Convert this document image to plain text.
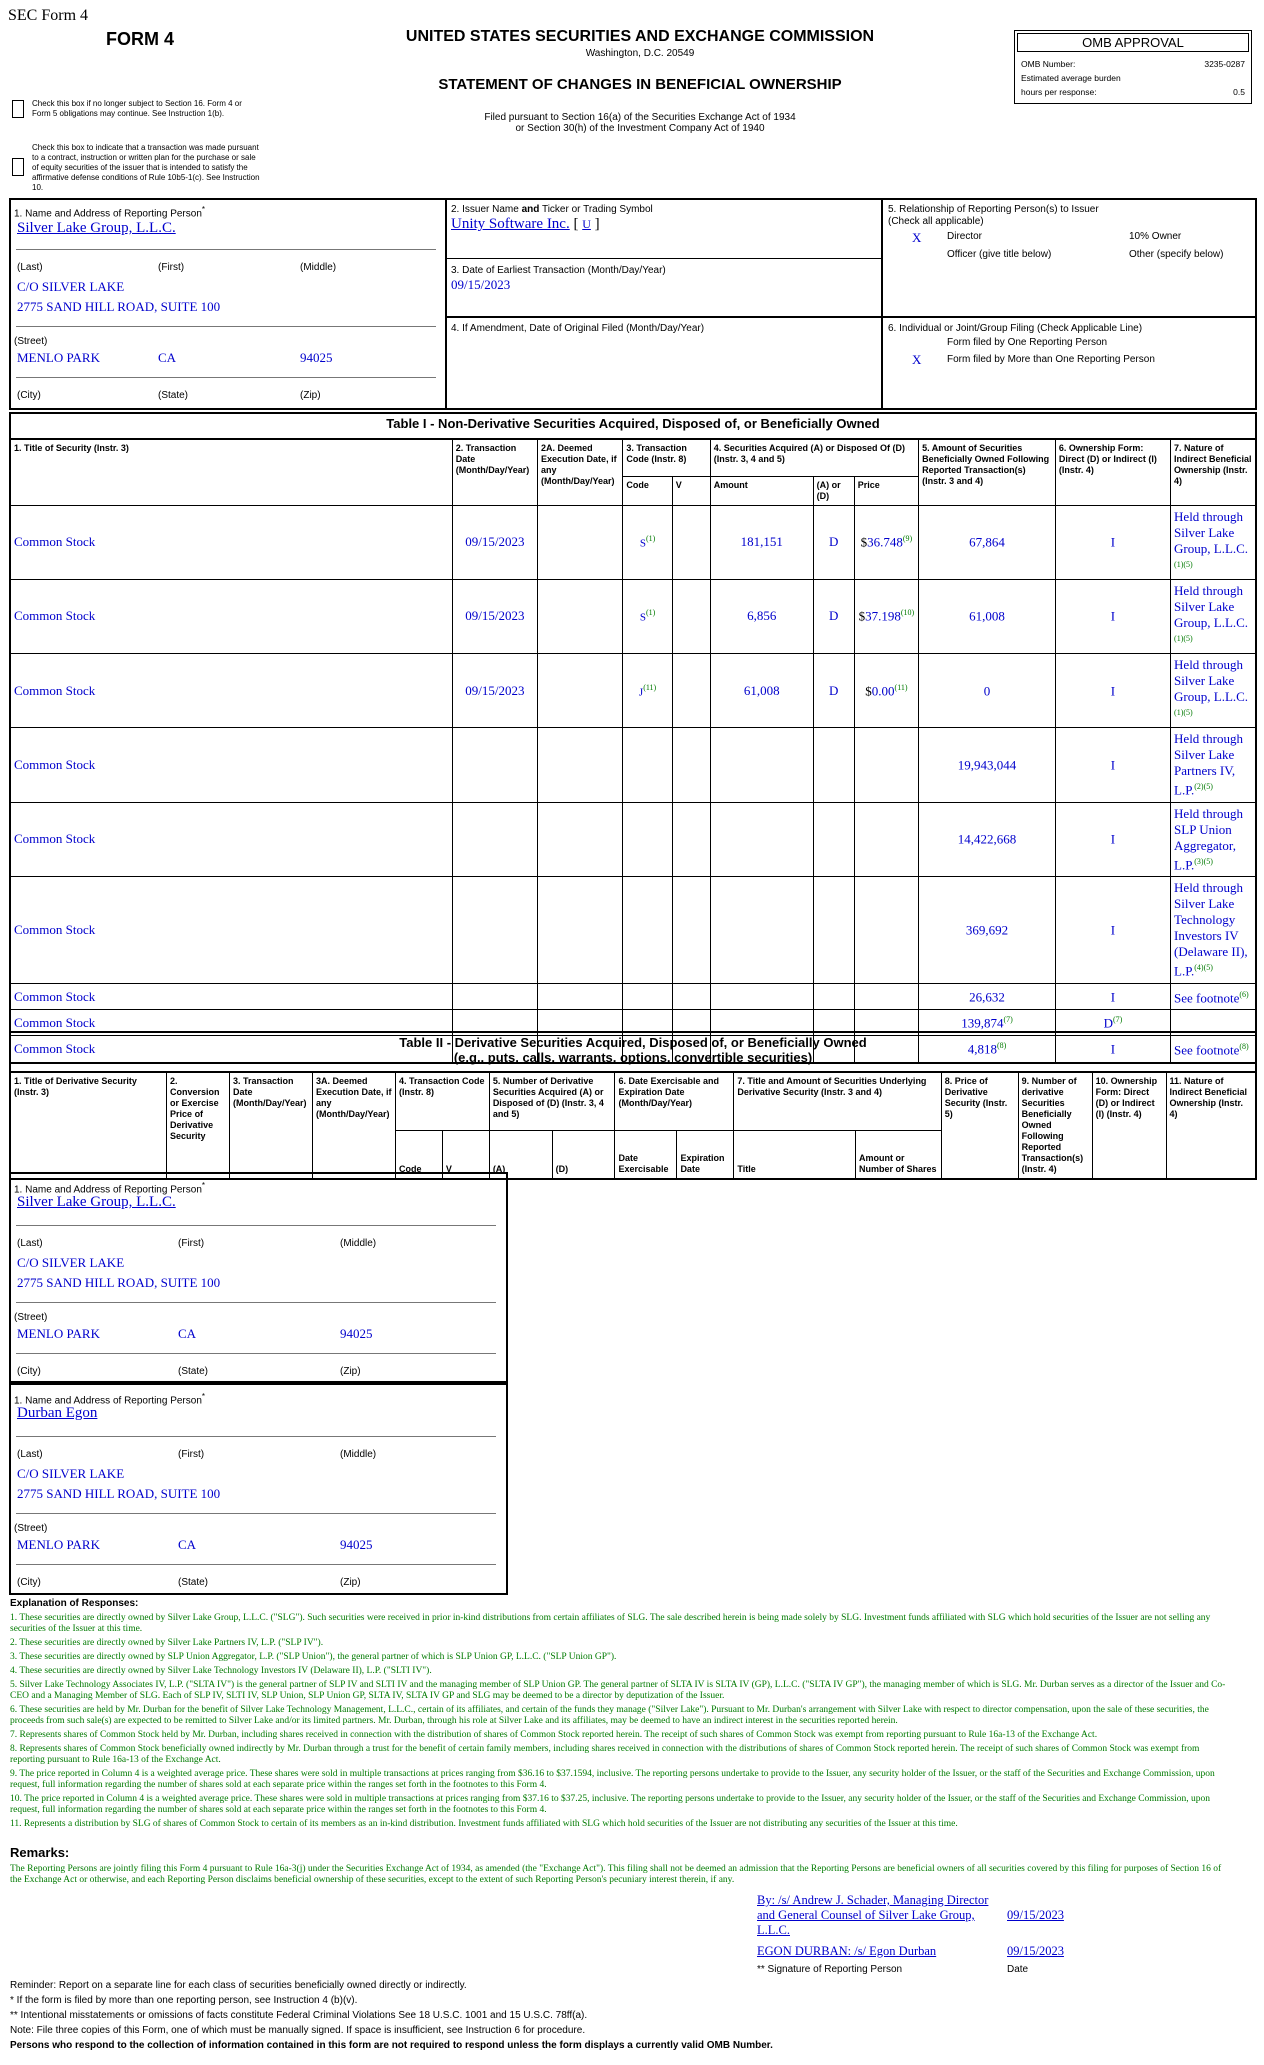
SEC Form 4
FORM 4	UNITED STATES SECURITIES AND EXCHANGE COMMISSION
Washington, D.C. 20549
STATEMENT OF CHANGES IN BENEFICIAL OWNERSHIP
Filed pursuant to Section 16(a) of the Securities Exchange Act of 1934
or Section 30(h) of the Investment Company Act of 1940
Check this box if no longer subject to Section 16. Form 4 or Form 5 obligations may continue. See Instruction 1(b).
Check this box to indicate that a transaction was made pursuant to a contract, instruction or written plan for the purchase or sale of equity securities of the issuer that is intended to satisfy the affirmative defense conditions of Rule 10b5-1(c). See Instruction 10.
OMB APPROVAL
OMB Number:	3235-0287
Estimated average burden
hours per response:	0.5
1. Name and Address of Reporting Person*
Silver Lake Group, L.L.C.
(Last)	(First)	(Middle)
C/O SILVER LAKE
2775 SAND HILL ROAD, SUITE 100
(Street)
MENLO PARK	CA	94025
(City)	(State)	(Zip)
2. Issuer Name and Ticker or Trading Symbol
Unity Software Inc. [ U ]
3. Date of Earliest Transaction (Month/Day/Year)
09/15/2023
4. If Amendment, Date of Original Filed (Month/Day/Year)
5. Relationship of Reporting Person(s) to Issuer
(Check all applicable)
X	Director	10% Owner
Officer (give title below)	Other (specify below)
6. Individual or Joint/Group Filing (Check Applicable Line)
Form filed by One Reporting Person
X	Form filed by More than One Reporting Person
Table I - Non-Derivative Securities Acquired, Disposed of, or Beneficially Owned
1. Title of Security (Instr. 3)	2. Transaction Date (Month/Day/Year)	2A. Deemed Execution Date, if any (Month/Day/Year)	3. Transaction Code (Instr. 8)		4. Securities Acquired (A) or Disposed Of (D) (Instr. 3, 4 and 5)			5. Amount of Securities Beneficially Owned Following Reported Transaction(s) (Instr. 3 and 4)	6. Ownership Form: Direct (D) or Indirect (I) (Instr. 4)	7. Nature of Indirect Beneficial Ownership (Instr. 4)
			Code	V	Amount	(A) or (D)	Price			
Common Stock	09/15/2023		$S^{(1)}$		181,151	D	$36.748$^{(9)}$	67,864	I	Held through Silver Lake Group, L.L.C.$^{(1)(5)}$
Common Stock	09/15/2023		$S^{(1)}$		6,856	D	$37.198$^{(10)}$	61,008	I	Held through Silver Lake Group, L.L.C.$^{(1)(5)}$
Common Stock	09/15/2023		$J^{(11)}$		61,008	D	$0.00$^{(11)}$	0	I	Held through Silver Lake Group, L.L.C.$^{(1)(5)}$
Common Stock								19,943,044	I	Held through Silver Lake Partners IV, L.P.$^{(2)(5)}$
Common Stock								14,422,668	I	Held through SLP Union Aggregator, L.P.$^{(3)(5)}$
Common Stock								369,692	I	Held through Silver Lake Technology Investors IV (Delaware II), L.P.$^{(4)(5)}$
Common Stock								26,632	I	See footnote$^{(6)}$
Common Stock								139,874$^{(7)}$	$D^{(7)}$	
Common Stock								4,818$^{(8)}$	I	See footnote$^{(8)}$
Table II - Derivative Securities Acquired, Disposed of, or Beneficially Owned
(e.g., puts, calls, warrants, options, convertible securities)
1. Title of Derivative Security (Instr. 3)	2. Conversion or Exercise Price of Derivative Security	3. Transaction Date (Month/Day/Year)	3A. Deemed Execution Date, if any (Month/Day/Year)	4. Transaction Code (Instr. 8)		5. Number of Derivative Securities Acquired (A) or Disposed of (D) (Instr. 3, 4 and 5)		6. Date Exercisable and Expiration Date (Month/Day/Year)		7. Title and Amount of Securities Underlying Derivative Security (Instr. 3 and 4)		8. Price of Derivative Security (Instr. 5)	9. Number of derivative Securities Beneficially Owned Following Reported Transaction(s) (Instr. 4)	10. Ownership Form: Direct (D) or Indirect (I) (Instr. 4)	11. Nature of Indirect Beneficial Ownership (Instr. 4)
				Code	V	(A)	(D)	Date Exercisable	Expiration Date	Title	Amount or Number of Shares				
1. Name and Address of Reporting Person*
Silver Lake Group, L.L.C.
(Last)	(First)	(Middle)
C/O SILVER LAKE
2775 SAND HILL ROAD, SUITE 100
(Street)
MENLO PARK	CA	94025
(City)	(State)	(Zip)
1. Name and Address of Reporting Person*
Durban Egon
(Last)	(First)	(Middle)
C/O SILVER LAKE
2775 SAND HILL ROAD, SUITE 100
(Street)
MENLO PARK	CA	94025
(City)	(State)	(Zip)
Explanation of Responses:
1. These securities are directly owned by Silver Lake Group, L.L.C. ("SLG"). Such securities were received in prior in-kind distributions from certain affiliates of SLG. The sale described herein is being made solely by SLG. Investment funds affiliated with SLG which hold securities of the Issuer are not selling any securities of the Issuer at this time.
2. These securities are directly owned by Silver Lake Partners IV, L.P. ("SLP IV").
3. These securities are directly owned by SLP Union Aggregator, L.P. ("SLP Union"), the general partner of which is SLP Union GP, L.L.C. ("SLP Union GP").
4. These securities are directly owned by Silver Lake Technology Investors IV (Delaware II), L.P. ("SLTI IV").
5. Silver Lake Technology Associates IV, L.P. ("SLTA IV") is the general partner of SLP IV and SLTI IV and the managing member of SLP Union GP. The general partner of SLTA IV is SLTA IV (GP), L.L.C. ("SLTA IV GP"), the managing member of which is SLG. Mr. Durban serves as a director of the Issuer and Co-CEO and a Managing Member of SLG. Each of SLP IV, SLTI IV, SLP Union, SLP Union GP, SLTA IV, SLTA IV GP and SLG may be deemed to be a director by deputization of the Issuer.
6. These securities are held by Mr. Durban for the benefit of Silver Lake Technology Management, L.L.C., certain of its affiliates, and certain of the funds they manage ("Silver Lake"). Pursuant to Mr. Durban's arrangement with Silver Lake with respect to director compensation, upon the sale of these securities, the proceeds from such sale(s) are expected to be remitted to Silver Lake and/or its limited partners. Mr. Durban, through his role at Silver Lake and its affiliates, may be deemed to have an indirect interest in the securities reported herein.
7. Represents shares of Common Stock held by Mr. Durban, including shares received in connection with the distribution of shares of Common Stock reported herein. The receipt of such shares of Common Stock was exempt from reporting pursuant to Rule 16a-13 of the Exchange Act.
8. Represents shares of Common Stock beneficially owned indirectly by Mr. Durban through a trust for the benefit of certain family members, including shares received in connection with the distributions of shares of Common Stock reported herein. The receipt of such shares of Common Stock was exempt from reporting pursuant to Rule 16a-13 of the Exchange Act.
9. The price reported in Column 4 is a weighted average price. These shares were sold in multiple transactions at prices ranging from $36.16 to $37.1594, inclusive. The reporting persons undertake to provide to the Issuer, any security holder of the Issuer, or the staff of the Securities and Exchange Commission, upon request, full information regarding the number of shares sold at each separate price within the ranges set forth in the footnotes to this Form 4.
10. The price reported in Column 4 is a weighted average price. These shares were sold in multiple transactions at prices ranging from $37.16 to $37.25, inclusive. The reporting persons undertake to provide to the Issuer, any security holder of the Issuer, or the staff of the Securities and Exchange Commission, upon request, full information regarding the number of shares sold at each separate price within the ranges set forth in the footnotes to this Form 4.
11. Represents a distribution by SLG of shares of Common Stock to certain of its members as an in-kind distribution. Investment funds affiliated with SLG which hold securities of the Issuer are not distributing any securities of the Issuer at this time.
Remarks:
The Reporting Persons are jointly filing this Form 4 pursuant to Rule 16a-3(j) under the Securities Exchange Act of 1934, as amended (the "Exchange Act"). This filing shall not be deemed an admission that the Reporting Persons are beneficial owners of all securities covered by this filing for purposes of Section 16 of the Exchange Act or otherwise, and each Reporting Person disclaims beneficial ownership of these securities, except to the extent of such Reporting Person's pecuniary interest therein, if any.
By: /s/ Andrew J. Schader, Managing Director and General Counsel of Silver Lake Group, L.L.C.
09/15/2023
EGON DURBAN: /s/ Egon Durban	09/15/2023
** Signature of Reporting Person	Date
Reminder: Report on a separate line for each class of securities beneficially owned directly or indirectly.
* If the form is filed by more than one reporting person, see Instruction 4 (b)(v).
** Intentional misstatements or omissions of facts constitute Federal Criminal Violations See 18 U.S.C. 1001 and 15 U.S.C. 78ff(a).
Note: File three copies of this Form, one of which must be manually signed. If space is insufficient, see Instruction 6 for procedure.
Persons who respond to the collection of information contained in this form are not required to respond unless the form displays a currently valid OMB Number.
